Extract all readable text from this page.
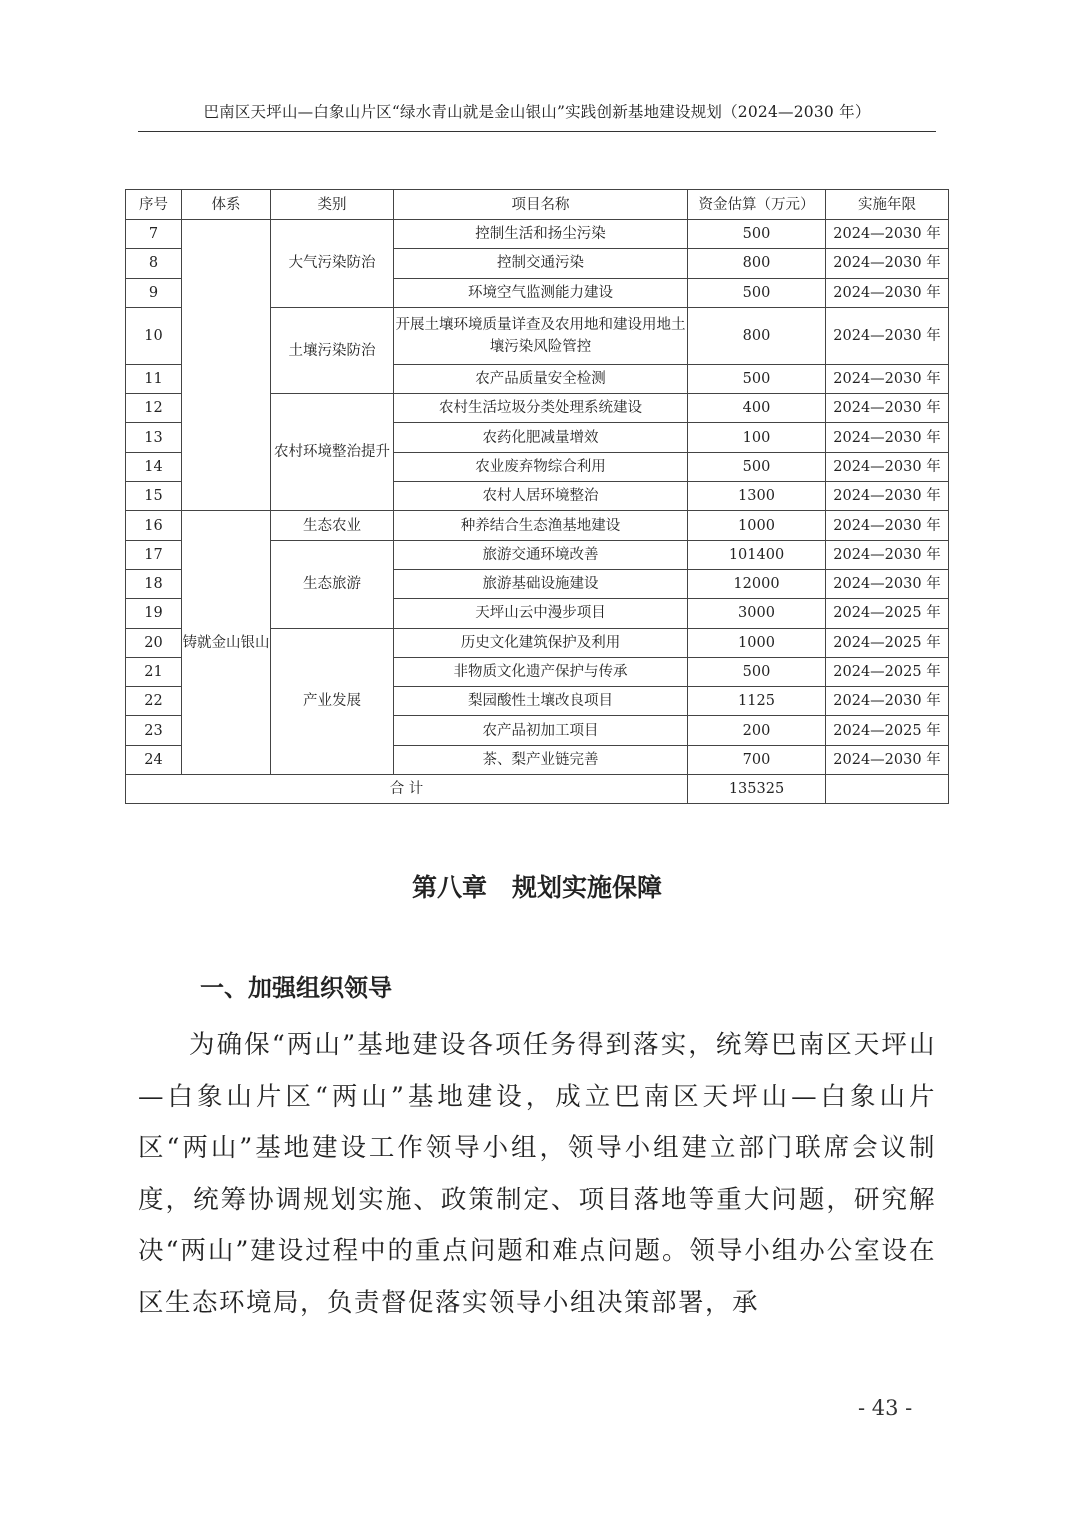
巴南区天坪山—白象山片区“绿水青山就是金山银山”实践创新基地建设规划（2024—2030 年）
序号	体系	类别	项目名称	资金估算（万元）	实施年限
7		大气污染防治	控制生活和扬尘污染	500	2024—2030 年
8			控制交通污染	800	2024—2030 年
9			环境空气监测能力建设	500	2024—2030 年
10		土壤污染防治	开展土壤环境质量详查及农用地和建设用地土壤污染风险管控	800	2024—2030 年
11			农产品质量安全检测	500	2024—2030 年
12		农村环境整治提升	农村生活垃圾分类处理系统建设	400	2024—2030 年
13			农药化肥减量增效	100	2024—2030 年
14			农业废弃物综合利用	500	2024—2030 年
15			农村人居环境整治	1300	2024—2030 年
16	铸就金山银山	生态农业	种养结合生态渔基地建设	1000	2024—2030 年
17		生态旅游	旅游交通环境改善	101400	2024—2030 年
18			旅游基础设施建设	12000	2024—2030 年
19			天坪山云中漫步项目	3000	2024—2025 年
20		产业发展	历史文化建筑保护及利用	1000	2024—2025 年
21			非物质文化遗产保护与传承	500	2024—2025 年
22			梨园酸性土壤改良项目	1125	2024—2030 年
23			农产品初加工项目	200	2024—2025 年
24			茶、梨产业链完善	700	2024—2030 年
合 计				135325	
第八章　规划实施保障
一、加强组织领导
为确保“两山”基地建设各项任务得到落实，统筹巴南区天坪山—白象山片区“两山”基地建设，成立巴南区天坪山—白象山片区“两山”基地建设工作领导小组，领导小组建立部门联席会议制度，统筹协调规划实施、政策制定、项目落地等重大问题，研究解决“两山”建设过程中的重点问题和难点问题。领导小组办公室设在区生态环境局，负责督促落实领导小组决策部署，承
- 43 -
